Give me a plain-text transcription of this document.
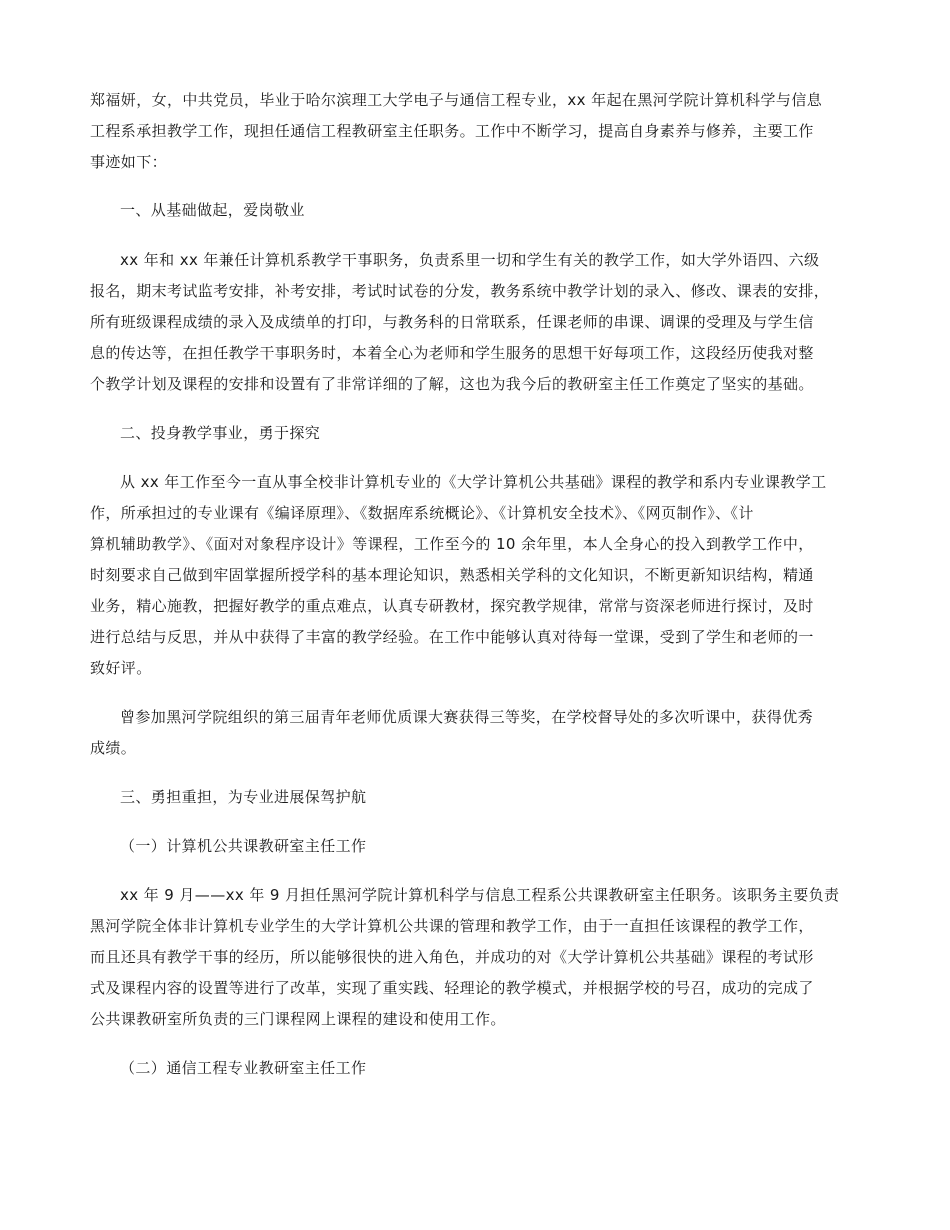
郑福妍，女，中共党员，毕业于哈尔滨理工大学电子与通信工程专业，xx 年起在黑河学院计算机科学与信息
工程系承担教学工作，现担任通信工程教研室主任职务。工作中不断学习，提高自身素养与修养，主要工作
事迹如下：
一、从基础做起，爱岗敬业
xx 年和 xx 年兼任计算机系教学干事职务，负责系里一切和学生有关的教学工作，如大学外语四、六级
报名，期末考试监考安排，补考安排，考试时试卷的分发，教务系统中教学计划的录入、修改、课表的安排，
所有班级课程成绩的录入及成绩单的打印，与教务科的日常联系，任课老师的串课、调课的受理及与学生信
息的传达等，在担任教学干事职务时，本着全心为老师和学生服务的思想干好每项工作，这段经历使我对整
个教学计划及课程的安排和设置有了非常详细的了解，这也为我今后的教研室主任工作奠定了坚实的基础。
二、投身教学事业，勇于探究
从 xx 年工作至今一直从事全校非计算机专业的《大学计算机公共基础》课程的教学和系内专业课教学工
作，所承担过的专业课有《编译原理》、《数据库系统概论》、《计算机安全技术》、《网页制作》、《计
算机辅助教学》、《面对对象程序设计》等课程，工作至今的 10 余年里，本人全身心的投入到教学工作中，
时刻要求自己做到牢固掌握所授学科的基本理论知识，熟悉相关学科的文化知识，不断更新知识结构，精通
业务，精心施教，把握好教学的重点难点，认真专研教材，探究教学规律，常常与资深老师进行探讨，及时
进行总结与反思，并从中获得了丰富的教学经验。在工作中能够认真对待每一堂课，受到了学生和老师的一
致好评。
曾参加黑河学院组织的第三届青年老师优质课大赛获得三等奖，在学校督导处的多次听课中，获得优秀
成绩。
三、勇担重担，为专业进展保驾护航
（一）计算机公共课教研室主任工作
xx 年 9 月——xx 年 9 月担任黑河学院计算机科学与信息工程系公共课教研室主任职务。该职务主要负责
黑河学院全体非计算机专业学生的大学计算机公共课的管理和教学工作，由于一直担任该课程的教学工作，
而且还具有教学干事的经历，所以能够很快的进入角色，并成功的对《大学计算机公共基础》课程的考试形
式及课程内容的设置等进行了改革，实现了重实践、轻理论的教学模式，并根据学校的号召，成功的完成了
公共课教研室所负责的三门课程网上课程的建设和使用工作。
（二）通信工程专业教研室主任工作
